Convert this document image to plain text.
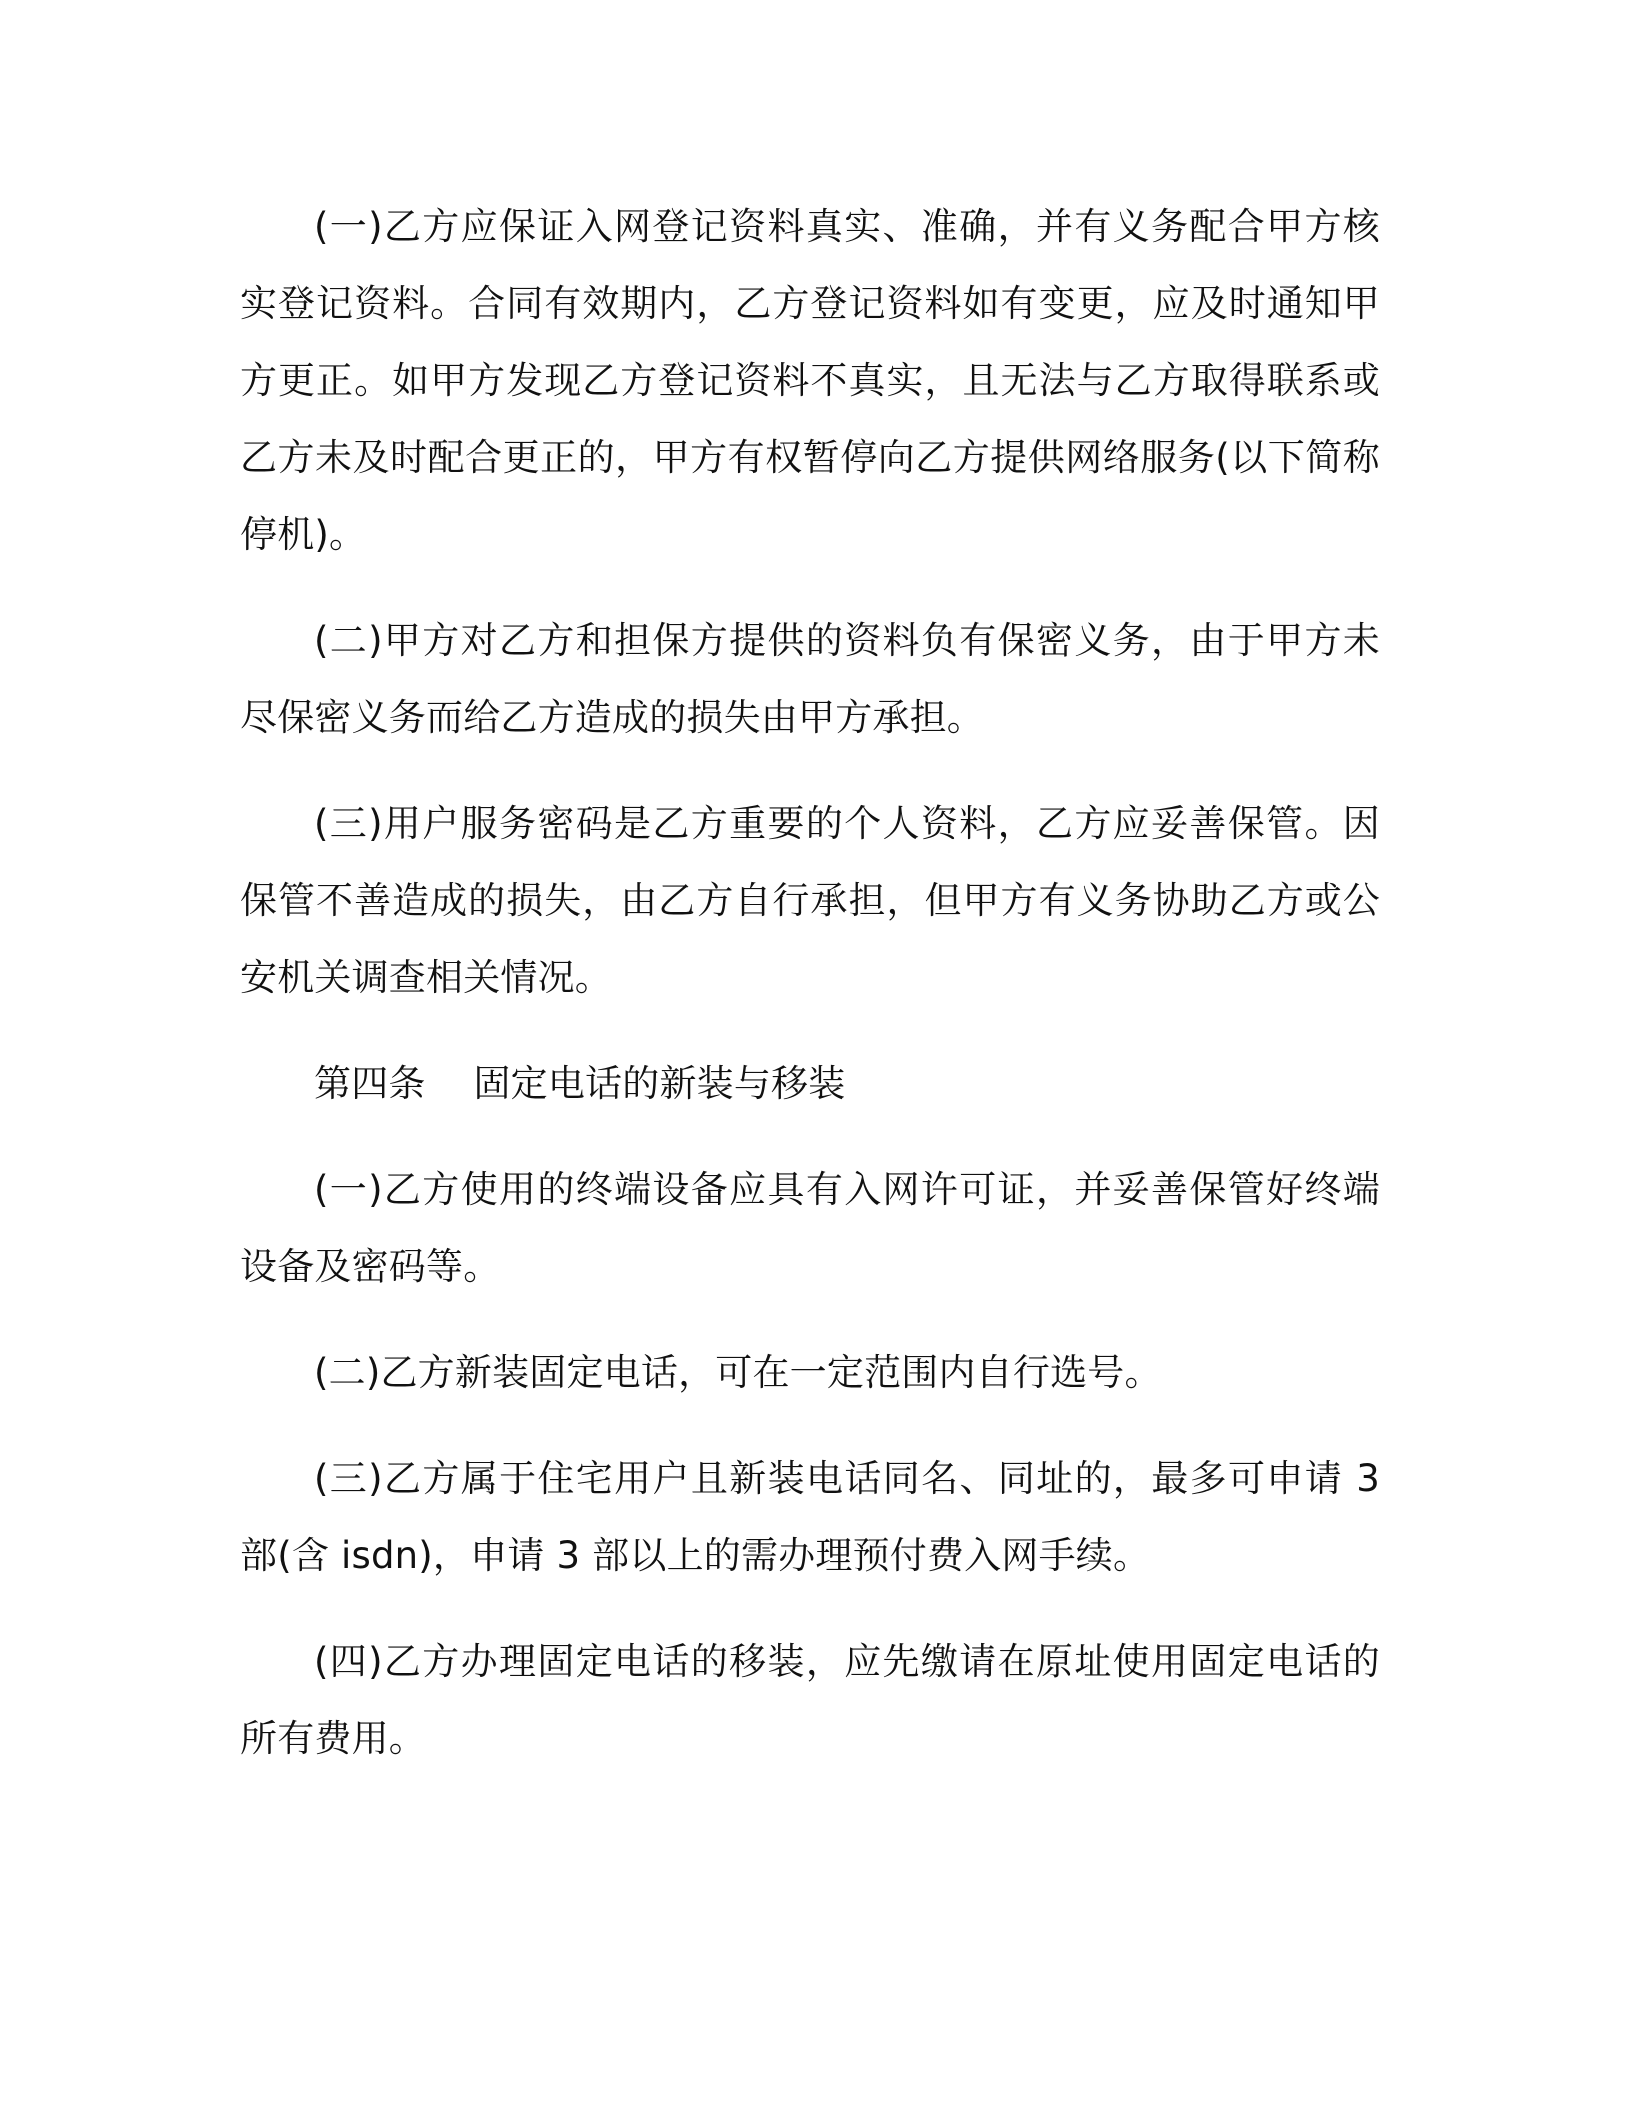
(一)乙方应保证入网登记资料真实、准确，并有义务配合甲方核实登记资料。合同有效期内，乙方登记资料如有变更，应及时通知甲方更正。如甲方发现乙方登记资料不真实，且无法与乙方取得联系或乙方未及时配合更正的，甲方有权暂停向乙方提供网络服务(以下简称停机)。

(二)甲方对乙方和担保方提供的资料负有保密义务，由于甲方未尽保密义务而给乙方造成的损失由甲方承担。

(三)用户服务密码是乙方重要的个人资料，乙方应妥善保管。因保管不善造成的损失，由乙方自行承担，但甲方有义务协助乙方或公安机关调查相关情况。

第四条    固定电话的新装与移装

(一)乙方使用的终端设备应具有入网许可证，并妥善保管好终端设备及密码等。

(二)乙方新装固定电话，可在一定范围内自行选号。

(三)乙方属于住宅用户且新装电话同名、同址的，最多可申请 3 部(含 isdn)，申请 3 部以上的需办理预付费入网手续。

(四)乙方办理固定电话的移装，应先缴请在原址使用固定电话的所有费用。
